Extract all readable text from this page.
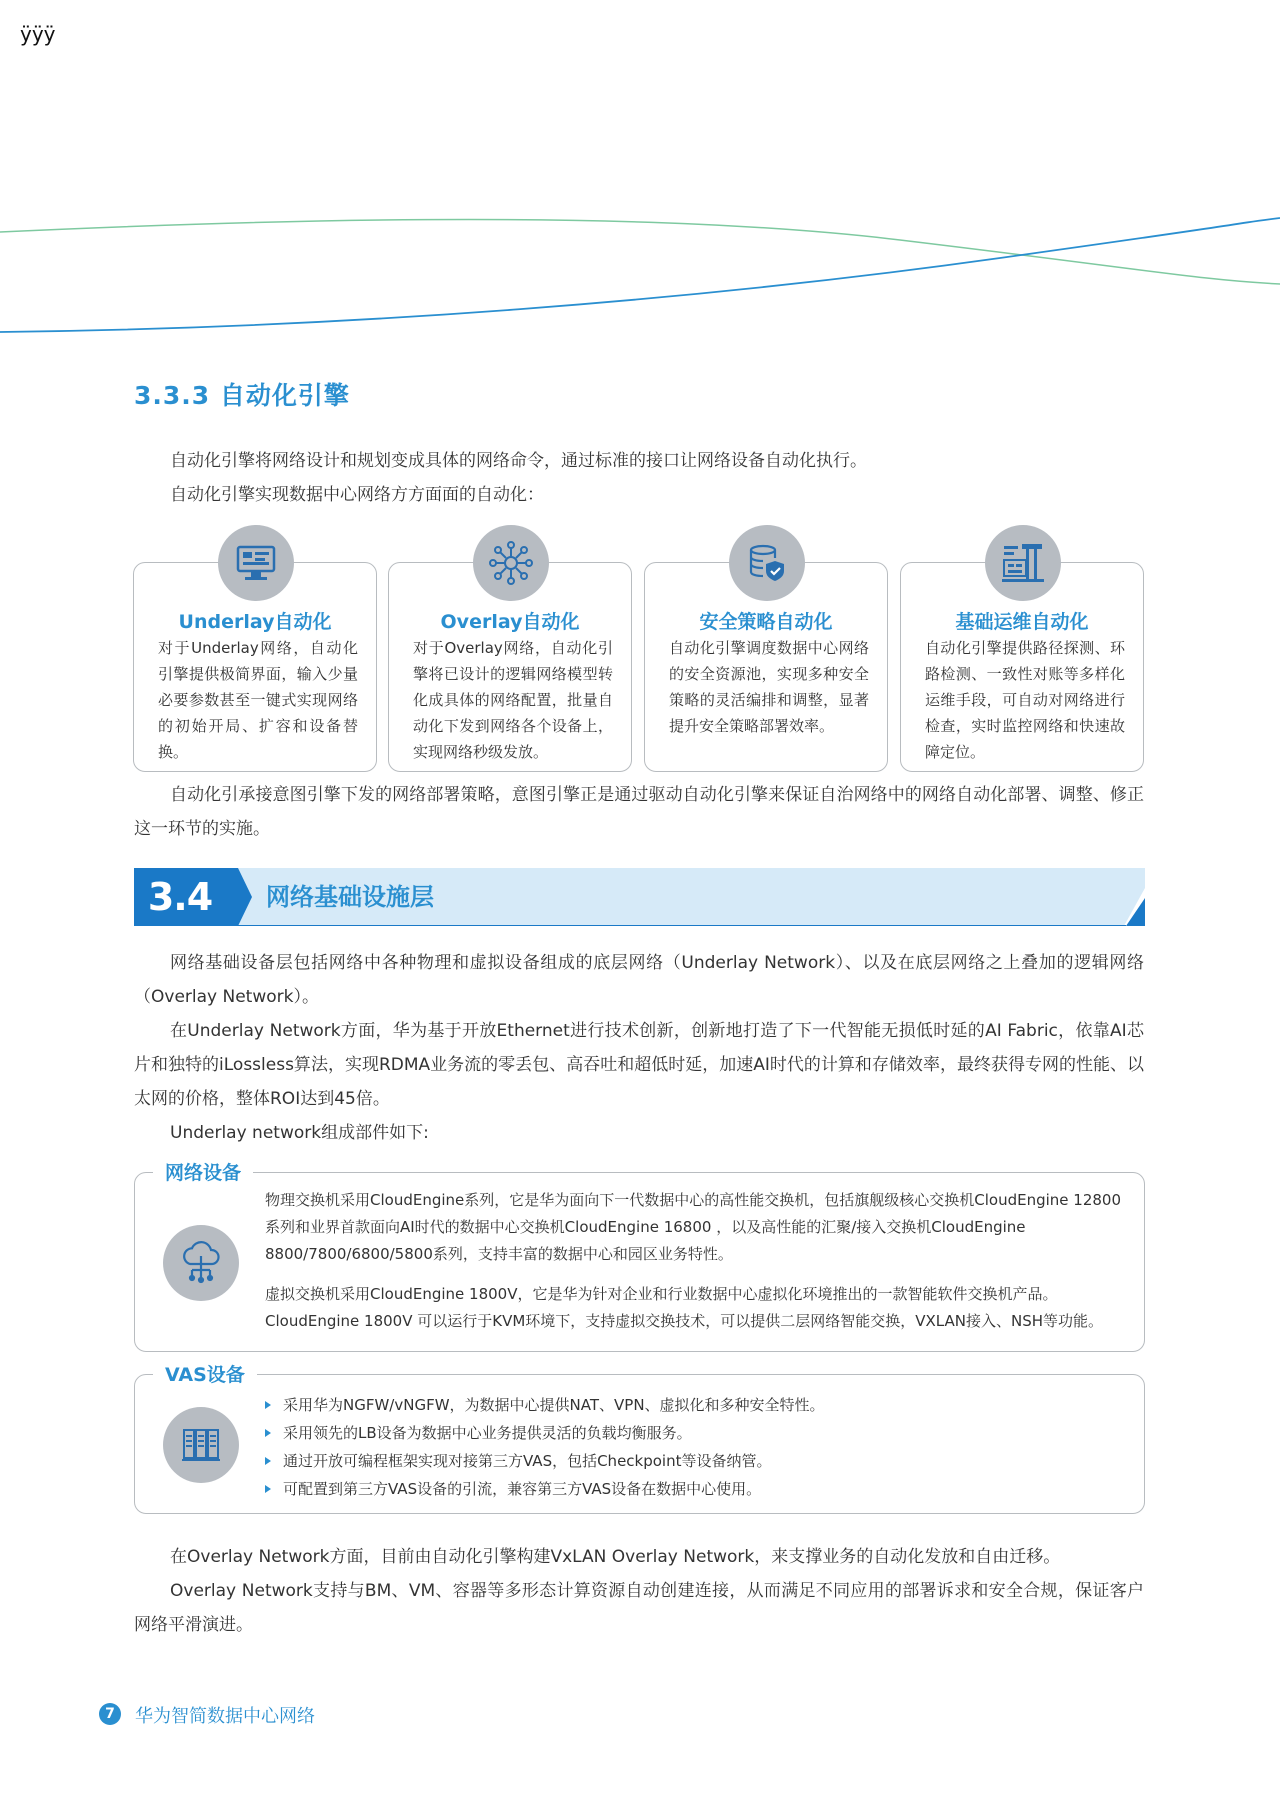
ÿÿÿ
3.3.3 自动化引擎

自动化引擎将网络设计和规划变成具体的网络命令，通过标准的接口让网络设备自动化执行。

自动化引擎实现数据中心网络方方面面的自动化：

Underlay自动化
对于Underlay网络，自动化引擎提供极简界面，输入少量必要参数甚至一键式实现网络的初始开局、扩容和设备替换。
Overlay自动化
对于Overlay网络，自动化引擎将已设计的逻辑网络模型转化成具体的网络配置，批量自动化下发到网络各个设备上，实现网络秒级发放。
安全策略自动化
自动化引擎调度数据中心网络的安全资源池，实现多种安全策略的灵活编排和调整，显著提升安全策略部署效率。
基础运维自动化
自动化引擎提供路径探测、环路检测、一致性对账等多样化运维手段，可自动对网络进行检查，实时监控网络和快速故障定位。

自动化引承接意图引擎下发的网络部署策略，意图引擎正是通过驱动自动化引擎来保证自治网络中的网络自动化部署、调整、修正这一环节的实施。

3.4	网络基础设施层

网络基础设备层包括网络中各种物理和虚拟设备组成的底层网络（Underlay Network）、以及在底层网络之上叠加的逻辑网络（Overlay Network）。

在Underlay Network方面，华为基于开放Ethernet进行技术创新，创新地打造了下一代智能无损低时延的AI Fabric，依靠AI芯片和独特的iLossless算法，实现RDMA业务流的零丢包、高吞吐和超低时延，加速AI时代的计算和存储效率，最终获得专网的性能、以太网的价格，整体ROI达到45倍。

Underlay network组成部件如下:

网络设备

物理交换机采用CloudEngine系列，它是华为面向下一代数据中心的高性能交换机，包括旗舰级核心交换机CloudEngine 12800系列和业界首款面向AI时代的数据中心交换机CloudEngine 16800 ，以及高性能的汇聚/接入交换机CloudEngine 8800/7800/6800/5800系列，支持丰富的数据中心和园区业务特性。

虚拟交换机采用CloudEngine 1800V，它是华为针对企业和行业数据中心虚拟化环境推出的一款智能软件交换机产品。CloudEngine 1800V 可以运行于KVM环境下，支持虚拟交换技术，可以提供二层网络智能交换，VXLAN接入、NSH等功能。

VAS设备
采用华为NGFW/vNGFW，为数据中心提供NAT、VPN、虚拟化和多种安全特性。
采用领先的LB设备为数据中心业务提供灵活的负载均衡服务。
通过开放可编程框架实现对接第三方VAS，包括Checkpoint等设备纳管。
可配置到第三方VAS设备的引流，兼容第三方VAS设备在数据中心使用。

在Overlay Network方面，目前由自动化引擎构建VxLAN Overlay Network，来支撑业务的自动化发放和自由迁移。

Overlay Network支持与BM、VM、容器等多形态计算资源自动创建连接，从而满足不同应用的部署诉求和安全合规，保证客户网络平滑演进。

7	华为智简数据中心网络
